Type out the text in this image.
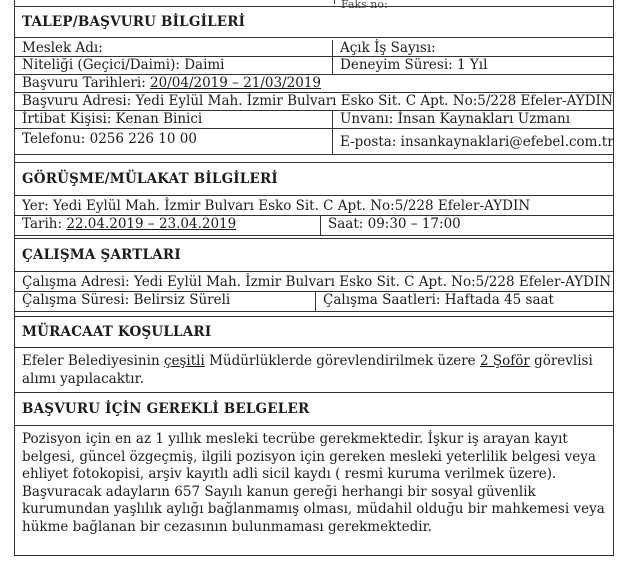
Faks no:
TALEP/BAŞVURU BİLGİLERİ
Meslek Adı:	Açık İş Sayısı:
Niteliği (Geçici/Daimi): Daimi	Deneyim Süresi: 1 Yıl
Başvuru Tarihleri: 20/04/2019 – 21/03/2019
Başvuru Adresi: Yedi Eylül Mah. İzmir Bulvarı Esko Sit. C Apt. No:5/228 Efeler-AYDIN
İrtibat Kişisi: Kenan Binici	Unvanı: İnsan Kaynakları Uzmanı
Telefonu: 0256 226 10 00	E-posta: insankaynaklari@efebel.com.tr
GÖRÜŞME/MÜLAKAT BİLGİLERİ
Yer: Yedi Eylül Mah. İzmir Bulvarı Esko Sit. C Apt. No:5/228 Efeler-AYDIN
Tarih: 22.04.2019 – 23.04.2019	Saat: 09:30 – 17:00
ÇALIŞMA ŞARTLARI
Çalışma Adresi: Yedi Eylül Mah. İzmir Bulvarı Esko Sit. C Apt. No:5/228 Efeler-AYDIN
Çalışma Süresi: Belirsiz Süreli	Çalışma Saatleri: Haftada 45 saat
MÜRACAAT KOŞULLARI
Efeler Belediyesinin çeşitli Müdürlüklerde görevlendirilmek üzere 2 Şoför görevlisi
alımı yapılacaktır.
BAŞVURU İÇİN GEREKLİ BELGELER
Pozisyon için en az 1 yıllık mesleki tecrübe gerekmektedir. İşkur iş arayan kayıt
belgesi, güncel özgeçmiş, ilgili pozisyon için gereken mesleki yeterlilik belgesi veya
ehliyet fotokopisi, arşiv kayıtlı adli sicil kaydı ( resmi kuruma verilmek üzere).
Başvuracak adayların 657 Sayılı kanun gereği herhangi bir sosyal güvenlik
kurumundan yaşlılık aylığı bağlanmamış olması, müdahil olduğu bir mahkemesi veya
hükme bağlanan bir cezasının bulunmaması gerekmektedir.
